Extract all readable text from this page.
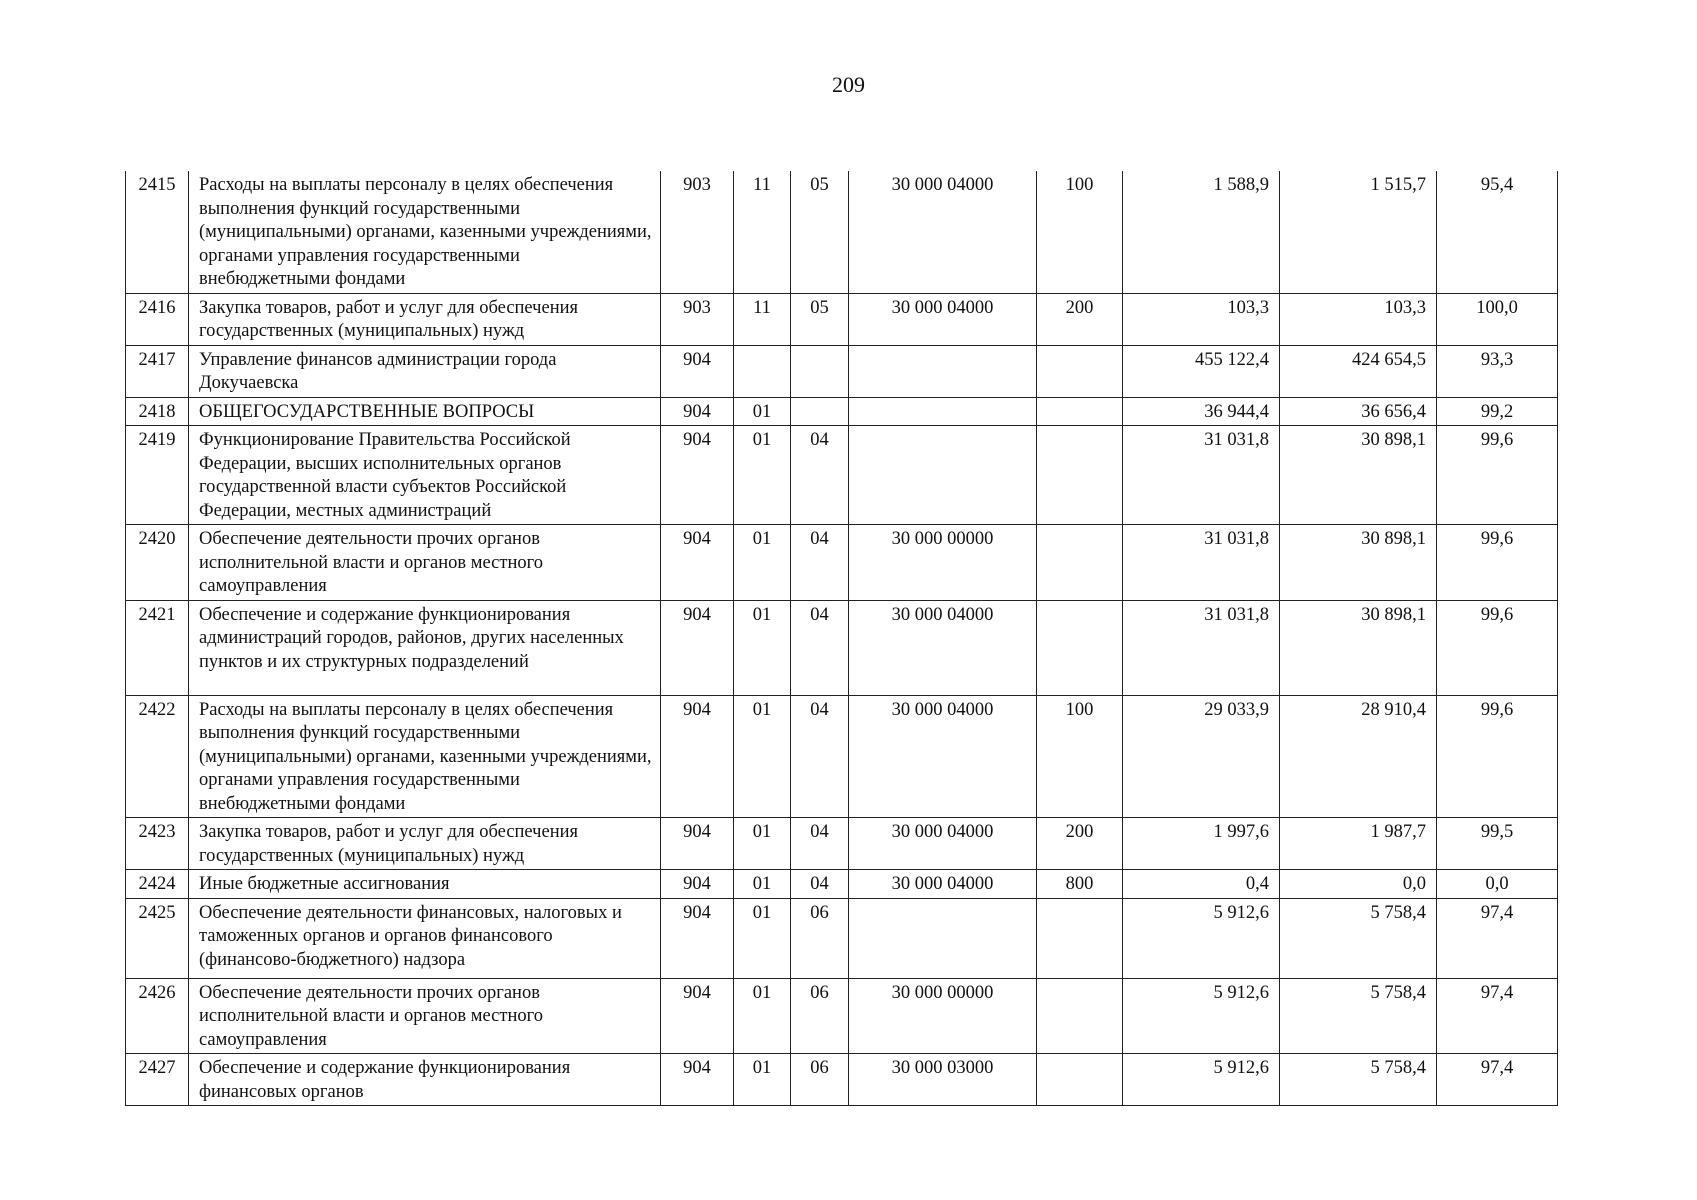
209
2415	Расходы на выплаты персоналу в целях обеспечения выполнения функций государственными (муниципальными) органами, казенными учреждениями, органами управления государственными внебюджетными фондами	903	11	05	30 000 04000	100	1 588,9	1 515,7	95,4
2416	Закупка товаров, работ и услуг для обеспечения государственных (муниципальных) нужд	903	11	05	30 000 04000	200	103,3	103,3	100,0
2417	Управление финансов администрации города Докучаевска	904					455 122,4	424 654,5	93,3
2418	ОБЩЕГОСУДАРСТВЕННЫЕ ВОПРОСЫ	904	01				36 944,4	36 656,4	99,2
2419	Функционирование Правительства Российской Федерации, высших исполнительных органов государственной власти субъектов Российской Федерации, местных администраций	904	01	04			31 031,8	30 898,1	99,6
2420	Обеспечение деятельности прочих органов исполнительной власти и органов местного самоуправления	904	01	04	30 000 00000		31 031,8	30 898,1	99,6
2421	Обеспечение и содержание функционирования администраций городов, районов, других населенных пунктов и их структурных подразделений	904	01	04	30 000 04000		31 031,8	30 898,1	99,6
2422	Расходы на выплаты персоналу в целях обеспечения выполнения функций государственными (муниципальными) органами, казенными учреждениями, органами управления государственными внебюджетными фондами	904	01	04	30 000 04000	100	29 033,9	28 910,4	99,6
2423	Закупка товаров, работ и услуг для обеспечения государственных (муниципальных) нужд	904	01	04	30 000 04000	200	1 997,6	1 987,7	99,5
2424	Иные бюджетные ассигнования	904	01	04	30 000 04000	800	0,4	0,0	0,0
2425	Обеспечение деятельности финансовых, налоговых и таможенных органов и органов финансового (финансово-бюджетного) надзора	904	01	06			5 912,6	5 758,4	97,4
2426	Обеспечение деятельности прочих органов исполнительной власти и органов местного самоуправления	904	01	06	30 000 00000		5 912,6	5 758,4	97,4
2427	Обеспечение и содержание функционирования финансовых органов	904	01	06	30 000 03000		5 912,6	5 758,4	97,4
